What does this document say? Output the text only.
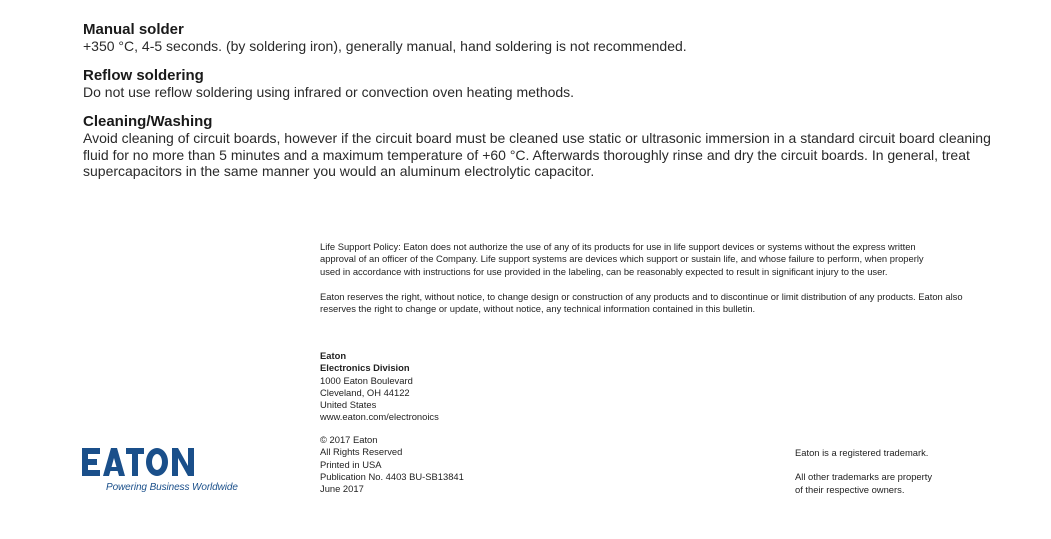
Manual solder

+350 °C, 4-5 seconds. (by soldering iron), generally manual, hand soldering is not recommended.

Reflow soldering

Do not use reflow soldering using infrared or convection oven heating methods.

Cleaning/Washing

Avoid cleaning of circuit boards, however if the circuit board must be cleaned use static or ultrasonic immersion in a standard circuit board cleaning fluid for no more than 5 minutes and a maximum temperature of +60 °C. Afterwards thoroughly rinse and dry the circuit boards. In general, treat supercapacitors in the same manner you would an aluminum electrolytic capacitor.

Life Support Policy: Eaton does not authorize the use of any of its products for use in life support devices or systems without the express written
approval of an officer of the Company. Life support systems are devices which support or sustain life, and whose failure to perform, when properly
used in accordance with instructions for use provided in the labeling, can be reasonably expected to result in significant injury to the user.
Eaton reserves the right, without notice, to change design or construction of any products and to discontinue or limit distribution of any products. Eaton also
reserves the right to change or update, without notice, any technical information contained in this bulletin.
Eaton
Electronics Division
1000 Eaton Boulevard
Cleveland, OH 44122
United States
www.eaton.com/electronoics
© 2017 Eaton
All Rights Reserved
Printed in USA
Publication No. 4403 BU-SB13841
June 2017
Eaton is a registered trademark.
All other trademarks are property
of their respective owners.
Powering Business Worldwide
